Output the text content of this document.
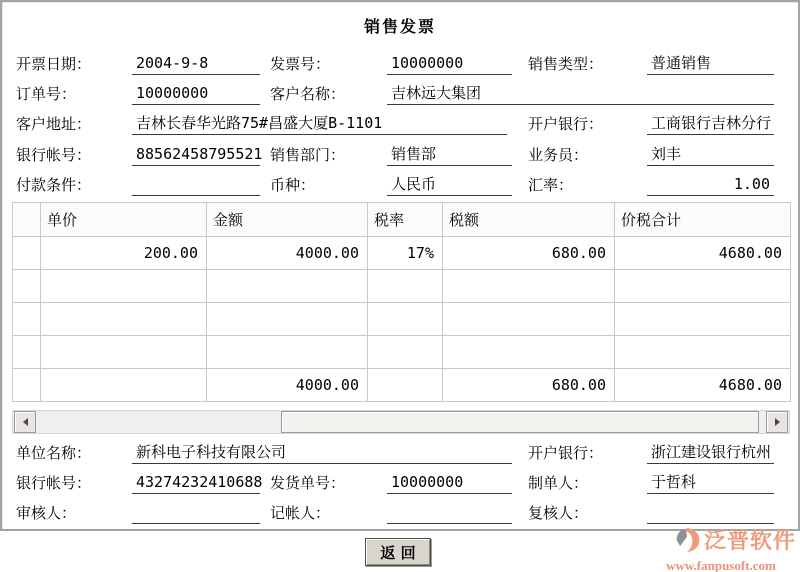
销售发票
开票日期：	2004-9-8	发票号：	10000000	销售类型：	普通销售
订单号：	10000000	客户名称：	吉林远大集团
客户地址：	吉林长春华光路75#昌盛大厦B-1101	开户银行：	工商银行吉林分行
银行帐号：	88562458795521 销售部门：	销售部	业务员：	刘丰
付款条件：	币种：	人民币	汇率：	1.00
	单价	金额	税率	税额	价税合计
	200.00	4000.00	17%	680.00	4680.00

		4000.00		680.00	4680.00
单位名称：	新科电子科技有限公司	开户银行：	浙江建设银行杭州
银行帐号：	43274232410688 发货单号：	10000000	制单人：	于哲科
审核人：	记帐人：	复核人：
返 回	泛普软件
www.fanpusoft.com
